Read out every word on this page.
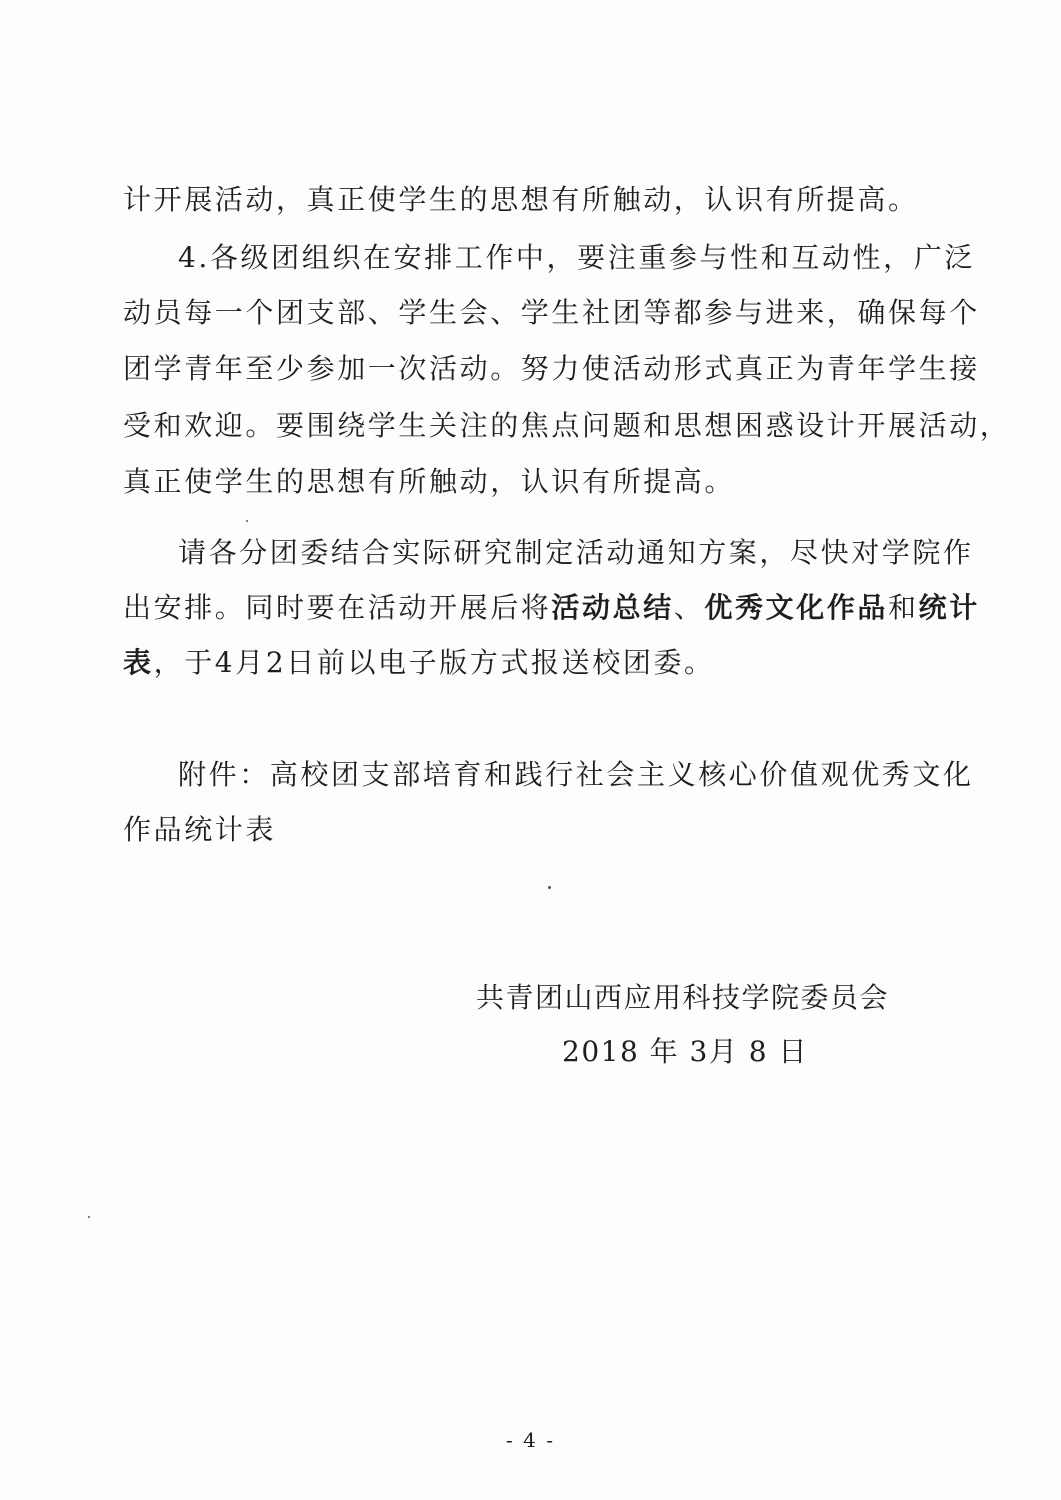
计开展活动，真正使学生的思想有所触动，认识有所提高。
4.各级团组织在安排工作中，要注重参与性和互动性，广泛
动员每一个团支部、学生会、学生社团等都参与进来，确保每个
团学青年至少参加一次活动。努力使活动形式真正为青年学生接
受和欢迎。要围绕学生关注的焦点问题和思想困惑设计开展活动，
真正使学生的思想有所触动，认识有所提高。
请各分团委结合实际研究制定活动通知方案，尽快对学院作
出安排。同时要在活动开展后将活动总结、优秀文化作品和统计
表，于4月2日前以电子版方式报送校团委。
附件：高校团支部培育和践行社会主义核心价值观优秀文化
作品统计表
共青团山西应用科技学院委员会
2018 年 3月 8 日
- 4 -
